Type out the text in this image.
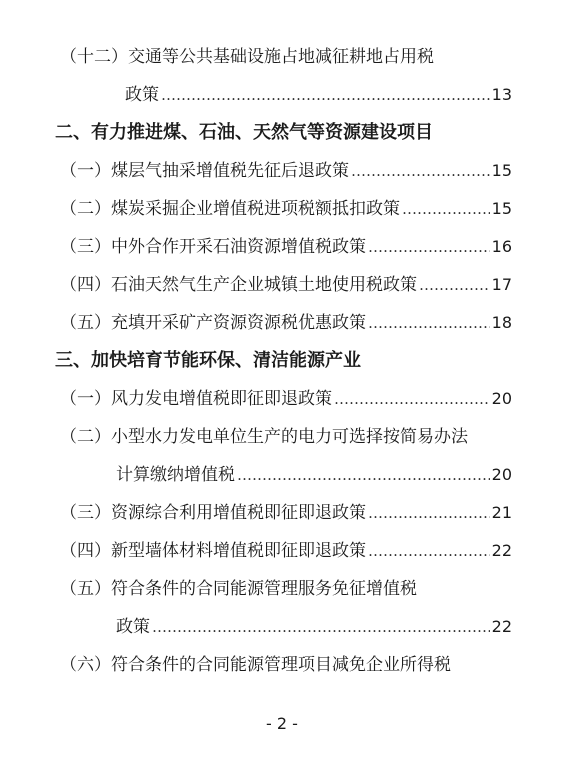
（十二）交通等公共基础设施占地减征耕地占用税
政策 …………………………………………………………………………………………………………………………………	13
二、有力推进煤、石油、天然气等资源建设项目
（一）煤层气抽采增值税先征后退政策 …………………………………………………………………………………………………………………………………	15
（二）煤炭采掘企业增值税进项税额抵扣政策 …………………………………………………………………………………………………………………………………	15
（三）中外合作开采石油资源增值税政策 …………………………………………………………………………………………………………………………………	16
（四）石油天然气生产企业城镇土地使用税政策 …………………………………………………………………………………………………………………………………	17
（五）充填开采矿产资源资源税优惠政策 …………………………………………………………………………………………………………………………………	18
三、加快培育节能环保、清洁能源产业
（一）风力发电增值税即征即退政策 …………………………………………………………………………………………………………………………………	20
（二）小型水力发电单位生产的电力可选择按简易办法
计算缴纳增值税 …………………………………………………………………………………………………………………………………	20
（三）资源综合利用增值税即征即退政策 …………………………………………………………………………………………………………………………………	21
（四）新型墙体材料增值税即征即退政策 …………………………………………………………………………………………………………………………………	22
（五）符合条件的合同能源管理服务免征增值税
政策 …………………………………………………………………………………………………………………………………	22
（六）符合条件的合同能源管理项目减免企业所得税
- 2 -
